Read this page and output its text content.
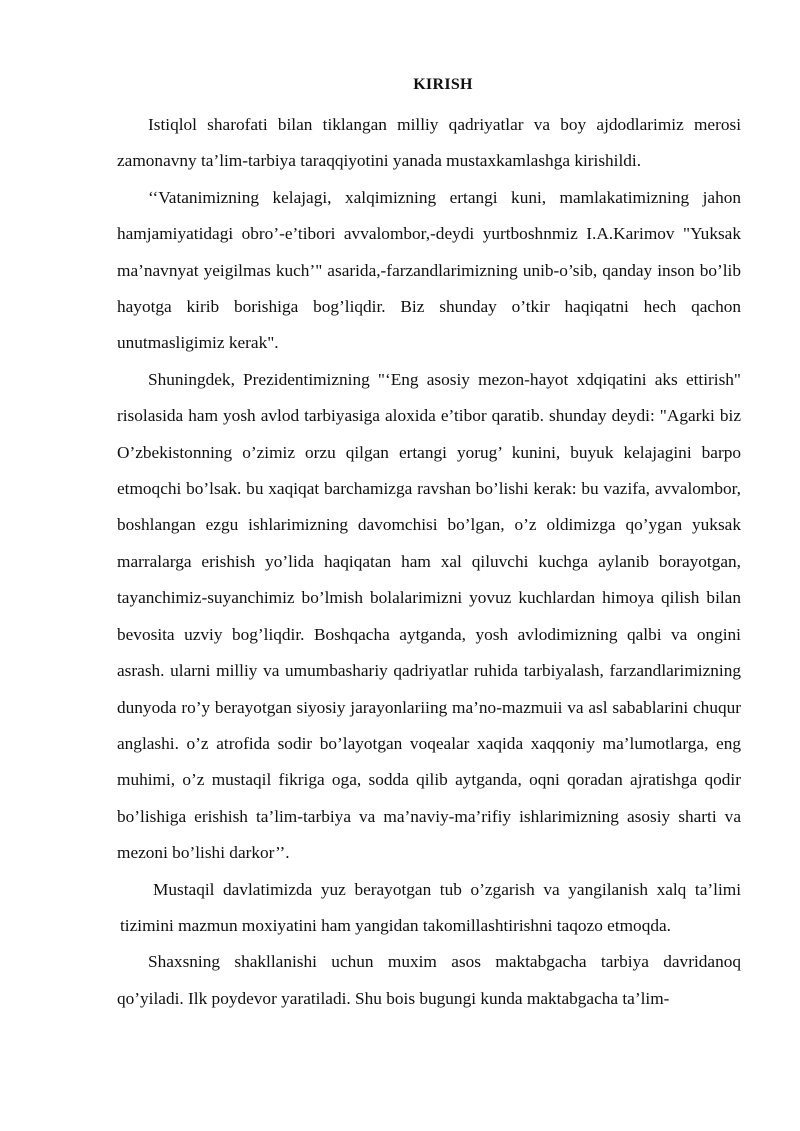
KIRISH

Istiqlol sharofati bilan tiklangan milliy qadriyatlar va boy ajdodlarimiz merosi zamonavny ta’lim-tarbiya taraqqiyotini yanada mustaxkamlashga kirishildi.

‘‘Vatanimizning kelajagi, xalqimizning ertangi kuni, mamlakatimizning jahon hamjamiyatidagi obro’-e’tibori avvalombor,-deydi yurtboshnmiz I.A.Karimov "Yuksak ma’navnyat yeigilmas kuch’" asarida,-farzandlarimizning unib-o’sib, qanday inson bo’lib hayotga kirib borishiga bog’liqdir. Biz shunday o’tkir haqiqatni hech qachon unutmasligimiz kerak".

Shuningdek, Prezidentimizning "‘Eng asosiy mezon-hayot xdqiqatini aks ettirish" risolasida ham yosh avlod tarbiyasiga aloxida e’tibor qaratib. shunday deydi: "Agarki biz O’zbekistonning o’zimiz orzu qilgan ertangi yorug’ kunini, buyuk kelajagini barpo etmoqchi bo’lsak. bu xaqiqat barchamizga ravshan bo’lishi kerak: bu vazifa, avvalombor, boshlangan ezgu ishlarimizning davomchisi bo’lgan, o’z oldimizga qo’ygan yuksak marralarga erishish yo’lida haqiqatan ham xal qiluvchi kuchga aylanib borayotgan, tayanchimiz-suyanchimiz bo’lmish bolalarimizni yovuz kuchlardan himoya qilish bilan bevosita uzviy bog’liqdir. Boshqacha aytganda, yosh avlodimizning qalbi va ongini asrash. ularni milliy va umumbashariy qadriyatlar ruhida tarbiyalash, farzandlarimizning dunyoda ro’y berayotgan siyosiy jarayonlariing ma’no-mazmuii va asl sabablarini chuqur anglashi. o’z atrofida sodir bo’layotgan voqealar xaqida xaqqoniy ma’lumotlarga, eng muhimi, o’z mustaqil fikriga oga, sodda qilib aytganda, oqni qoradan ajratishga qodir bo’lishiga erishish ta’lim-tarbiya va ma’naviy-ma’rifiy ishlarimizning asosiy sharti va mezoni bo’lishi darkor’’.

Mustaqil davlatimizda yuz berayotgan tub o’zgarish va yangilanish xalq ta’limi tizimini mazmun moxiyatini ham yangidan takomillashtirishni taqozo etmoqda.

Shaxsning shakllanishi uchun muxim asos maktabgacha tarbiya davridanoq qo’yiladi. Ilk poydevor yaratiladi. Shu bois bugungi kunda maktabgacha ta’lim-
